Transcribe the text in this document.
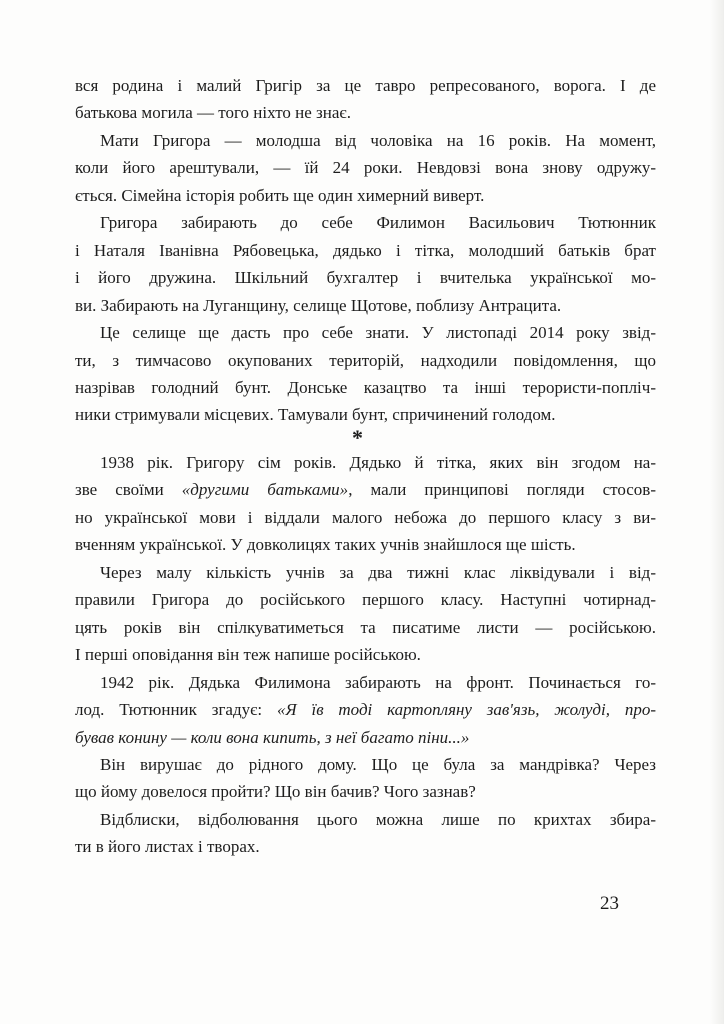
вся родина і малий Григір за це тавро репресованого, ворога. І де
батькова могила — того ніхто не знає.
Мати Григора — молодша від чоловіка на 16 років. На момент,
коли його арештували, — їй 24 роки. Невдовзі вона знову одружу-
ється. Сімейна історія робить ще один химерний виверт.
Григора забирають до себе Филимон Васильович Тютюнник
і Наталя Іванівна Рябовецька, дядько і тітка, молодший батьків брат
і його дружина. Шкільний бухгалтер і вчителька української мо-
ви. Забирають на Луганщину, селище Щотове, поблизу Антрацита.
Це селище ще дасть про себе знати. У листопаді 2014 року звід-
ти, з тимчасово окупованих територій, надходили повідомлення, що
назрівав голодний бунт. Донське казацтво та інші терористи-попліч-
ники стримували місцевих. Тамували бунт, спричинений голодом.
1938 рік. Григору сім років. Дядько й тітка, яких він згодом на-
зве своїми «другими батьками», мали принципові погляди стосов-
но української мови і віддали малого небожа до першого класу з ви-
вченням української. У довколицях таких учнів знайшлося ще шість.
Через малу кількість учнів за два тижні клас ліквідували і від-
правили Григора до російського першого класу. Наступні чотирнад-
цять років він спілкуватиметься та писатиме листи — російською.
І перші оповідання він теж напише російською.
1942 рік. Дядька Филимона забирають на фронт. Починається го-
лод. Тютюнник згадує: «Я їв тоді картопляну зав'язь, жолуді, про-
бував конину — коли вона кипить, з неї багато піни...»
Він вирушає до рідного дому. Що це була за мандрівка? Через
що йому довелося пройти? Що він бачив? Чого зазнав?
Відблиски, відболювання цього можна лише по крихтах збира-
ти в його листах і творах.
*
23
